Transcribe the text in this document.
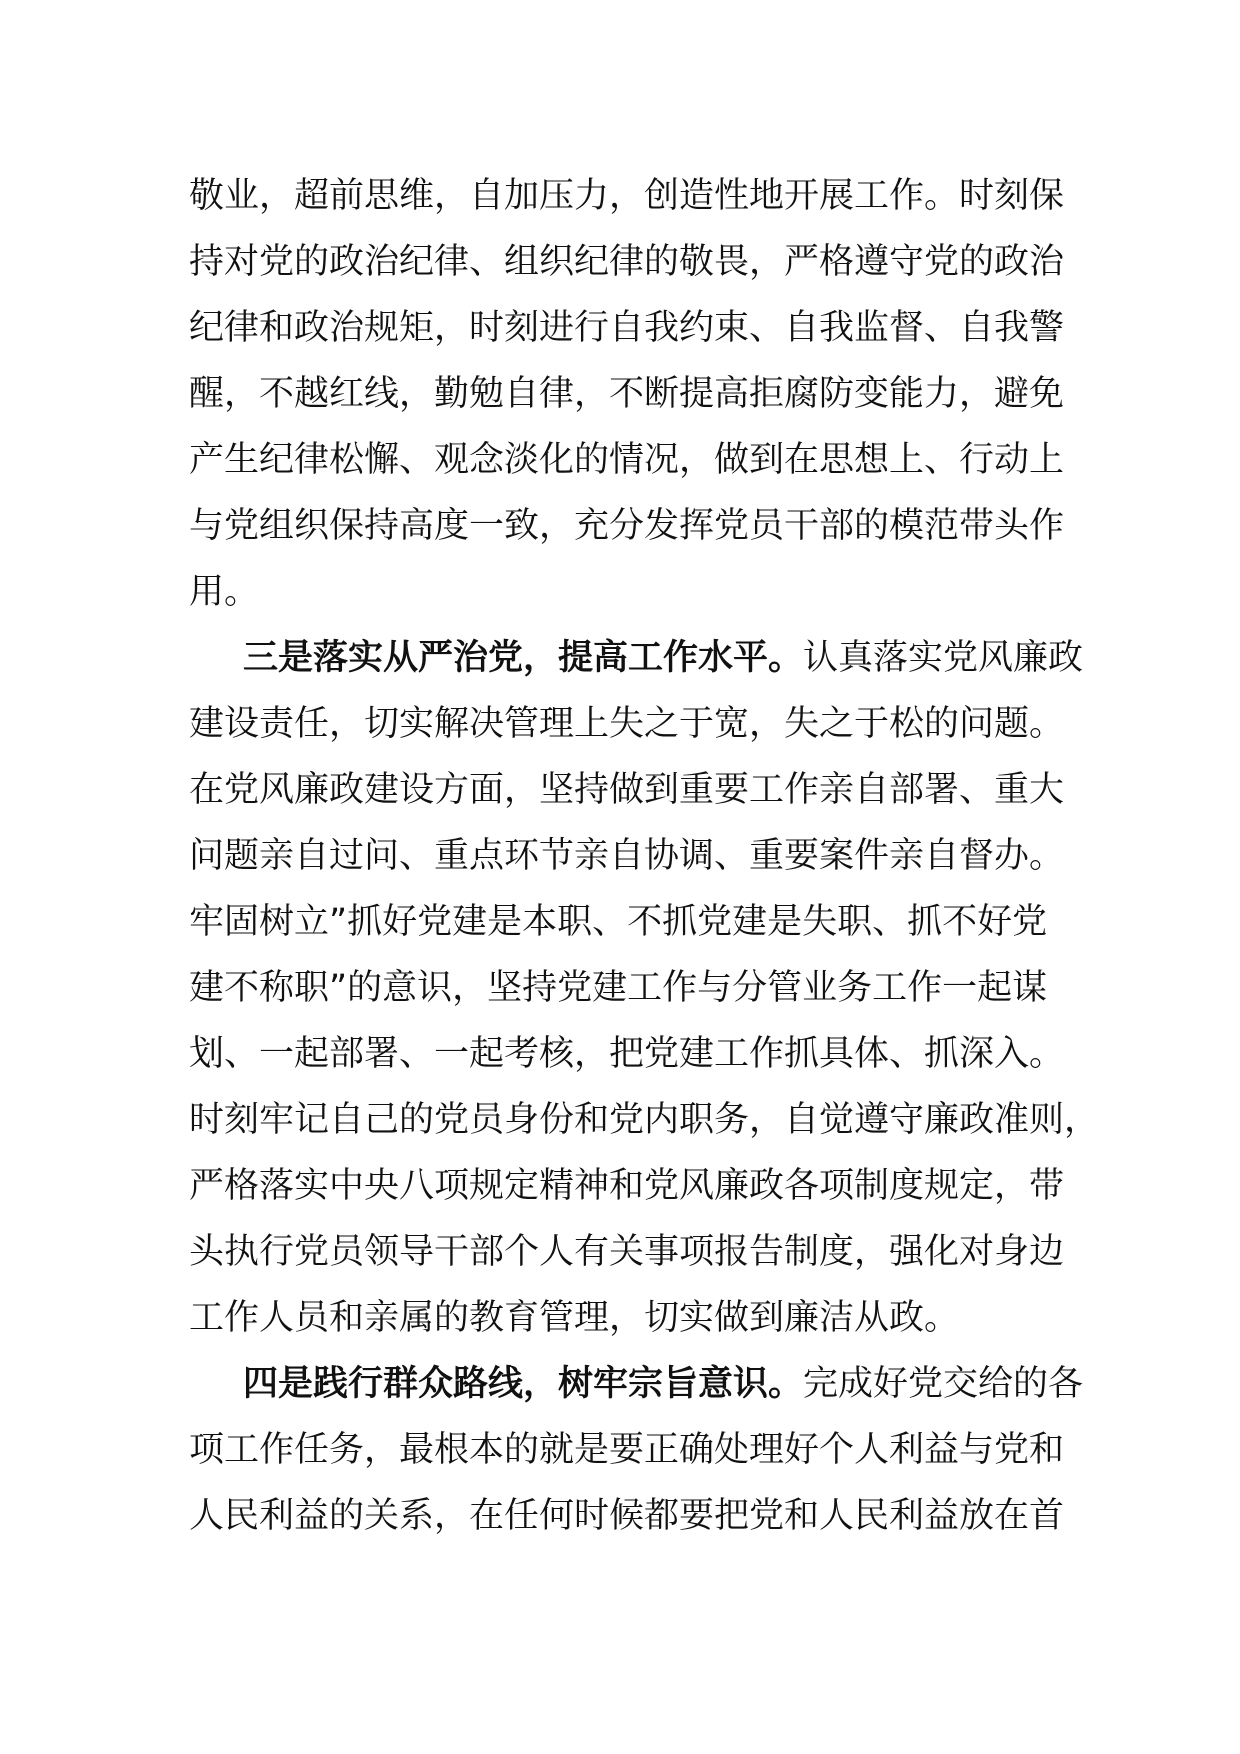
敬业，超前思维，自加压力，创造性地开展工作。时刻保
持对党的政治纪律、组织纪律的敬畏，严格遵守党的政治
纪律和政治规矩，时刻进行自我约束、自我监督、自我警
醒，不越红线，勤勉自律，不断提高拒腐防变能力，避免
产生纪律松懈、观念淡化的情况，做到在思想上、行动上
与党组织保持高度一致，充分发挥党员干部的模范带头作
用。
三是落实从严治党，提高工作水平。认真落实党风廉政
建设责任，切实解决管理上失之于宽，失之于松的问题。
在党风廉政建设方面，坚持做到重要工作亲自部署、重大
问题亲自过问、重点环节亲自协调、重要案件亲自督办。
牢固树立”抓好党建是本职、不抓党建是失职、抓不好党
建不称职”的意识，坚持党建工作与分管业务工作一起谋
划、一起部署、一起考核，把党建工作抓具体、抓深入。
时刻牢记自己的党员身份和党内职务，自觉遵守廉政准则，
严格落实中央八项规定精神和党风廉政各项制度规定，带
头执行党员领导干部个人有关事项报告制度，强化对身边
工作人员和亲属的教育管理，切实做到廉洁从政。
四是践行群众路线，树牢宗旨意识。完成好党交给的各
项工作任务，最根本的就是要正确处理好个人利益与党和
人民利益的关系，在任何时候都要把党和人民利益放在首
